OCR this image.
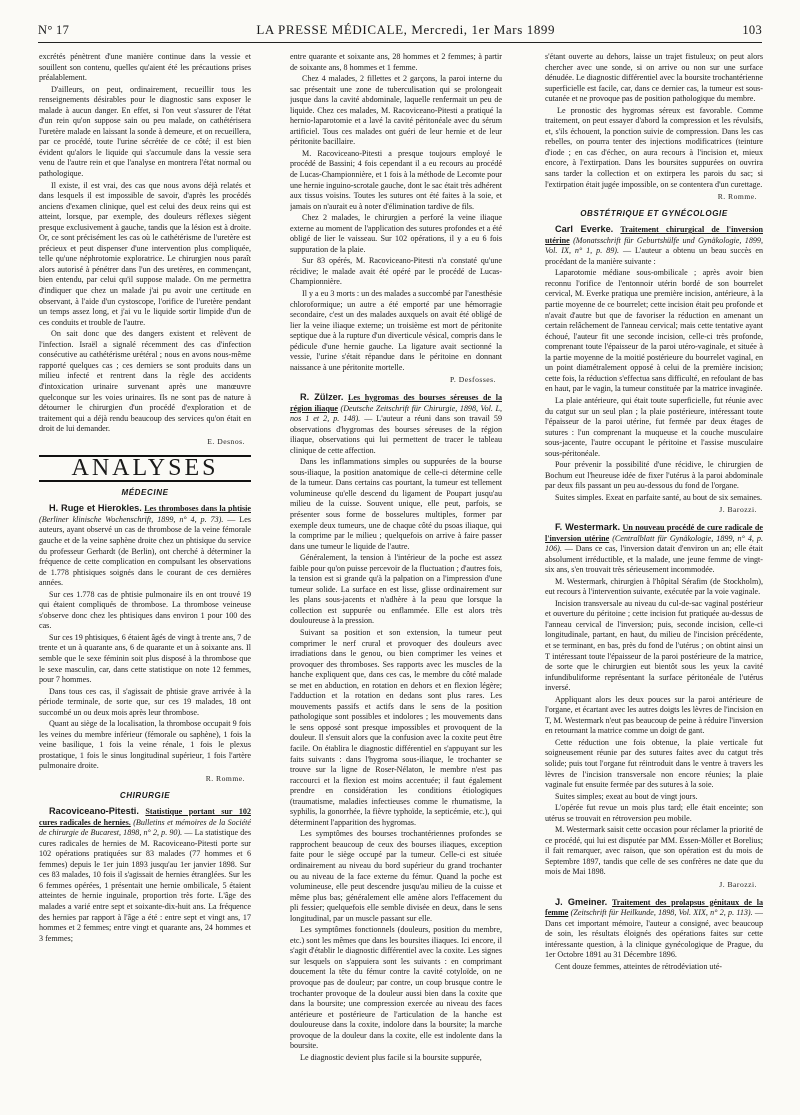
N° 17	LA PRESSE MÉDICALE, Mercredi, 1er Mars 1899	103

excrétés pénètrent d'une manière continue dans la vessie et souillent son contenu, quelles qu'aient été les précautions prises préalablement.

D'ailleurs, on peut, ordinairement, recueillir tous les renseignements désirables pour le diagnostic sans exposer le malade à aucun danger. En effet, si l'on veut s'assurer de l'état d'un rein qu'on suppose sain ou peu malade, on cathétérisera l'uretère malade en laissant la sonde à demeure, et on recueillera, par ce procédé, toute l'urine sécrétée de ce côté; il est bien évident qu'alors le liquide qui s'accumule dans la vessie sera venu de l'autre rein et que l'analyse en montrera l'état normal ou pathologique.

Il existe, il est vrai, des cas que nous avons déjà relatés et dans lesquels il est impossible de savoir, d'après les procédés anciens d'examen clinique, quel est celui des deux reins qui est atteint, lorsque, par exemple, des douleurs réflexes siègent presque exclusivement à gauche, tandis que la lésion est à droite. Or, ce sont précisément les cas où le cathétérisme de l'uretère est précieux et peut dispenser d'une intervention plus compliquée, telle qu'une néphrotomie exploratrice. Le chirurgien nous paraît alors autorisé à pénétrer dans l'un des uretères, en commençant, bien entendu, par celui qu'il suppose malade. On me permettra d'indiquer que chez un malade j'ai pu avoir une certitude en observant, à l'aide d'un cystoscope, l'orifice de l'uretère pendant un temps assez long, et j'ai vu le liquide sortir limpide d'un de ces conduits et trouble de l'autre.

On sait donc que des dangers existent et relèvent de l'infection. Israël a signalé récemment des cas d'infection consécutive au cathétérisme urétéral ; nous en avons nous-même rapporté quelques cas ; ces derniers se sont produits dans un milieu infecté et rentrent dans la règle des accidents d'intoxication urinaire survenant après une manœuvre quelconque sur les voies urinaires. Ils ne sont pas de nature à détourner le chirurgien d'un procédé d'exploration et de traitement qui a déjà rendu beaucoup des services qu'on était en droit de lui demander.

E. Desnos.
ANALYSES
MÉDECINE

H. Ruge et Hierokles. Les thromboses dans la phtisie (Berliner klinische Wochenschrift, 1899, n° 4, p. 73). — Les auteurs, ayant observé un cas de thrombose de la veine fémorale gauche et de la veine saphène droite chez un phtisique du service du professeur Gerhardt (de Berlin), ont cherché à déterminer la fréquence de cette complication en compulsant les observations de 1.778 phtisiques soignés dans le courant de ces dernières années.

Sur ces 1.778 cas de phtisie pulmonaire ils en ont trouvé 19 qui étaient compliqués de thrombose. La thrombose veineuse s'observe donc chez les phtisiques dans environ 1 pour 100 des cas.

Sur ces 19 phtisiques, 6 étaient âgés de vingt à trente ans, 7 de trente et un à quarante ans, 6 de quarante et un à soixante ans. Il semble que le sexe féminin soit plus disposé à la thrombose que le sexe masculin, car, dans cette statistique on note 12 femmes, pour 7 hommes.

Dans tous ces cas, il s'agissait de phtisie grave arrivée à la période terminale, de sorte que, sur ces 19 malades, 18 ont succombé un ou deux mois après leur thrombose.

Quant au siège de la localisation, la thrombose occupait 9 fois les veines du membre inférieur (fémorale ou saphène), 1 fois la veine basilique, 1 fois la veine rénale, 1 fois le plexus prostatique, 1 fois le sinus longitudinal supérieur, 1 fois l'artère pulmonaire droite.

R. Romme.
CHIRURGIE

Racoviceano-Pitesti. Statistique portant sur 102 cures radicales de hernies. (Bulletins et mémoires de la Société de chirurgie de Bucarest, 1898, n° 2, p. 90). — La statistique des cures radicales de hernies de M. Racoviceano-Pitesti porte sur 102 opérations pratiquées sur 83 malades (77 hommes et 6 femmes) depuis le 1er juin 1893 jusqu'au 1er janvier 1898. Sur ces 83 malades, 10 fois il s'agissait de hernies étranglées. Sur les 6 femmes opérées, 1 présentait une hernie ombilicale, 5 étaient atteintes de hernie inguinale, proportion très forte. L'âge des malades a varié entre sept et soixante-dix-huit ans. La fréquence des hernies par rapport à l'âge a été : entre sept et vingt ans, 17 hommes et 2 femmes; entre vingt et quarante ans, 24 hommes et 3 femmes;

entre quarante et soixante ans, 28 hommes et 2 femmes; à partir de soixante ans, 8 hommes et 1 femme.

Chez 4 malades, 2 fillettes et 2 garçons, la paroi interne du sac présentait une zone de tuberculisation qui se prolongeait jusque dans la cavité abdominale, laquelle renfermait un peu de liquide. Chez ces malades, M. Racoviceano-Pitesti a pratiqué la hernio-laparotomie et a lavé la cavité péritonéale avec du sérum artificiel. Tous ces malades ont guéri de leur hernie et de leur péritonite bacillaire.

M. Racoviceano-Pitesti a presque toujours employé le procédé de Bassini; 4 fois cependant il a eu recours au procédé de Lucas-Championnière, et 1 fois à la méthode de Lecomte pour une hernie inguino-scrotale gauche, dont le sac était très adhérent aux tissus voisins. Toutes les sutures ont été faites à la soie, et jamais on n'aurait eu à noter d'élimination tardive de fils.

Chez 2 malades, le chirurgien a perforé la veine iliaque externe au moment de l'application des sutures profondes et a été obligé de lier le vaisseau. Sur 102 opérations, il y a eu 6 fois suppuration de la plaie.

Sur 83 opérés, M. Racoviceano-Pitesti n'a constaté qu'une récidive; le malade avait été opéré par le procédé de Lucas-Championnière.

Il y a eu 3 morts : un des malades a succombé par l'anesthésie chloroformique; un autre a été emporté par une hémorragie secondaire, c'est un des malades auxquels on avait été obligé de lier la veine iliaque externe; un troisième est mort de péritonite septique due à la rupture d'un diverticule vésical, compris dans le pédicule d'une hernie gauche. La ligature avait sectionné la vessie, l'urine s'était répandue dans le péritoine en donnant naissance à une péritonite mortelle.

P. Desfosses.

R. Zülzer. Les hygromas des bourses séreuses de la région iliaque (Deutsche Zeitschrift für Chirurgie, 1898, Vol. L, nos 1 et 2, p. 148). — L'auteur a réuni dans son travail 59 observations d'hygromas des bourses séreuses de la région iliaque, observations qui lui permettent de tracer le tableau clinique de cette affection.

Dans les inflammations simples ou suppurées de la bourse sous-iliaque, la position anatomique de celle-ci détermine celle de la tumeur. Dans certains cas pourtant, la tumeur est tellement volumineuse qu'elle descend du ligament de Poupart jusqu'au milieu de la cuisse. Souvent unique, elle peut, parfois, se présenter sous forme de bosselures multiples, former par exemple deux tumeurs, une de chaque côté du psoas iliaque, qui la comprime par le milieu ; quelquefois on arrive à faire passer dans une tumeur le liquide de l'autre.

Généralement, la tension à l'intérieur de la poche est assez faible pour qu'on puisse percevoir de la fluctuation ; d'autres fois, la tension est si grande qu'à la palpation on a l'impression d'une tumeur solide. La surface en est lisse, glisse ordinairement sur les plans sous-jacents et n'adhère à la peau que lorsque la collection est suppurée ou enflammée. Elle est alors très douloureuse à la pression.

Suivant sa position et son extension, la tumeur peut comprimer le nerf crural et provoquer des douleurs avec irradiations dans le genou, ou bien comprimer les veines et provoquer des thromboses. Ses rapports avec les muscles de la hanche expliquent que, dans ces cas, le membre du côté malade se met en abduction, en rotation en dehors et en flexion légère; l'adduction et la rotation en dedans sont plus rares. Les mouvements passifs et actifs dans le sens de la position pathologique sont possibles et indolores ; les mouvements dans le sens opposé sont presque impossibles et provoquent de la douleur. Il s'ensuit alors que la confusion avec la coxite peut être facile. On établira le diagnostic différentiel en s'appuyant sur les faits suivants : dans l'hygroma sous-iliaque, le trochanter se trouve sur la ligne de Roser-Nélaton, le membre n'est pas raccourci et la flexion est moins accentuée; il faut également prendre en considération les conditions étiologiques (traumatisme, maladies infectieuses comme le rhumatisme, la syphilis, la gonorrhée, la fièvre typhoïde, la septicémie, etc.), qui déterminent l'apparition des hygromas.

Les symptômes des bourses trochantériennes profondes se rapprochent beaucoup de ceux des bourses iliaques, exception faite pour le siège occupé par la tumeur. Celle-ci est située ordinairement au niveau du bord supérieur du grand trochanter ou au niveau de la face externe du fémur. Quand la poche est volumineuse, elle peut descendre jusqu'au milieu de la cuisse et même plus bas; généralement elle amène alors l'effacement du pli fessier; quelquefois elle semble divisée en deux, dans le sens longitudinal, par un muscle passant sur elle.

Les symptômes fonctionnels (douleurs, position du membre, etc.) sont les mêmes que dans les boursites iliaques. Ici encore, il s'agit d'établir le diagnostic différentiel avec la coxite. Les signes sur lesquels on s'appuiera sont les suivants : en comprimant doucement la tête du fémur contre la cavité cotyloïde, on ne provoque pas de douleur; par contre, un coup brusque contre le trochanter provoque de la douleur aussi bien dans la coxite que dans la boursite; une compression exercée au niveau des faces antérieure et postérieure de l'articulation de la hanche est douloureuse dans la coxite, indolore dans la boursite; la marche provoque de la douleur dans la coxite, elle est indolente dans la boursite.

Le diagnostic devient plus facile si la boursite suppurée,

s'étant ouverte au dehors, laisse un trajet fistuleux; on peut alors chercher avec une sonde, si on arrive ou non sur une surface dénudée. Le diagnostic différentiel avec la boursite trochantérienne superficielle est facile, car, dans ce dernier cas, la tumeur est sous-cutanée et ne provoque pas de position pathologique du membre.

Le pronostic des hygromas séreux est favorable. Comme traitement, on peut essayer d'abord la compression et les révulsifs, et, s'ils échouent, la ponction suivie de compression. Dans les cas rebelles, on pourra tenter des injections modificatrices (teinture d'iode ; en cas d'échec, on aura recours à l'incision et, mieux encore, à l'extirpation. Dans les boursites suppurées on ouvrira sans tarder la collection et on extirpera les parois du sac; si l'extirpation était jugée impossible, on se contentera d'un curettage.

R. Romme.
OBSTÉTRIQUE ET GYNÉCOLOGIE

Carl Everke. Traitement chirurgical de l'inversion utérine (Monatsschrift für Geburtshülfe und Gynäkologie, 1899, Vol. IX, n° 1, p. 89). — L'auteur a obtenu un beau succès en procédant de la manière suivante :

Laparotomie médiane sous-ombilicale ; après avoir bien reconnu l'orifice de l'entonnoir utérin bordé de son bourrelet cervical, M. Everke pratiqua une première incision, antérieure, à la partie moyenne de ce bourrelet; cette incision était peu profonde et n'avait d'autre but que de favoriser la réduction en amenant un certain relâchement de l'anneau cervical; mais cette tentative ayant échoué, l'auteur fit une seconde incision, celle-ci très profonde, comprenant toute l'épaisseur de la paroi utéro-vaginale, et située à la partie moyenne de la moitié postérieure du bourrelet vaginal, en un point diamétralement opposé à celui de la première incision; cette fois, la réduction s'effectua sans difficulté, en refoulant de bas en haut, par le vagin, la tumeur constituée par la matrice invaginée.

La plaie antérieure, qui était toute superficielle, fut réunie avec du catgut sur un seul plan ; la plaie postérieure, intéressant toute l'épaisseur de la paroi utérine, fut fermée par deux étages de sutures : l'un comprenant la muqueuse et la couche musculaire sous-jacente, l'autre occupant le péritoine et l'assise musculaire sous-péritonéale.

Pour prévenir la possibilité d'une récidive, le chirurgien de Bochum eut l'heureuse idée de fixer l'utérus à la paroi abdominale par deux fils passant un peu au-dessous du fond de l'organe.

Suites simples. Exeat en parfaite santé, au bout de six semaines.

J. Barozzi.

F. Westermark. Un nouveau procédé de cure radicale de l'inversion utérine (Centralblatt für Gynäkologie, 1899, n° 4, p. 106). — Dans ce cas, l'inversion datait d'environ un an; elle était absolument irréductible, et la malade, une jeune femme de vingt-six ans, s'en trouvait très sérieusement incommodée.

M. Westermark, chirurgien à l'hôpital Sérafim (de Stockholm), eut recours à l'intervention suivante, exécutée par la voie vaginale.

Incision transversale au niveau du cul-de-sac vaginal postérieur et ouverture du péritoine ; cette incision fut pratiquée au-dessus de l'anneau cervical de l'inversion; puis, seconde incision, celle-ci longitudinale, partant, en haut, du milieu de l'incision précédente, et se terminant, en bas, près du fond de l'utérus ; on obtint ainsi un T intéressant toute l'épaisseur de la paroi postérieure de la matrice, de sorte que le chirurgien eut bientôt sous les yeux la cavité infundibuliforme représentant la surface péritonéale de l'utérus inversé.

Appliquant alors les deux pouces sur la paroi antérieure de l'organe, et écartant avec les autres doigts les lèvres de l'incision en T, M. Westermark n'eut pas beaucoup de peine à réduire l'inversion en retournant la matrice comme un doigt de gant.

Cette réduction une fois obtenue, la plaie verticale fut soigneusement réunie par des sutures faites avec du catgut très solide; puis tout l'organe fut réintroduit dans le ventre à travers les lèvres de l'incision transversale non encore réunies; la plaie vaginale fut ensuite fermée par des sutures à la soie.

Suites simples; exeat au bout de vingt jours.

L'opérée fut revue un mois plus tard; elle était enceinte; son utérus se trouvait en rétroversion peu mobile.

M. Westermark saisit cette occasion pour réclamer la priorité de ce procédé, qui lui est disputée par MM. Essen-Möller et Borelius; il fait remarquer, avec raison, que son opération est du mois de Septembre 1897, tandis que celle de ses confrères ne date que du mois de Mai 1898.

J. Barozzi.

J. Gmeiner. Traitement des prolapsus génitaux de la femme (Zeitschrift für Heilkunde, 1898, Vol. XIX, n° 2, p. 113). — Dans cet important mémoire, l'auteur a consigné, avec beaucoup de soin, les résultats éloignés des opérations faites sur cette intéressante question, à la clinique gynécologique de Prague, du 1er Octobre 1891 au 31 Décembre 1896.

Cent douze femmes, atteintes de rétrodéviation uté-
